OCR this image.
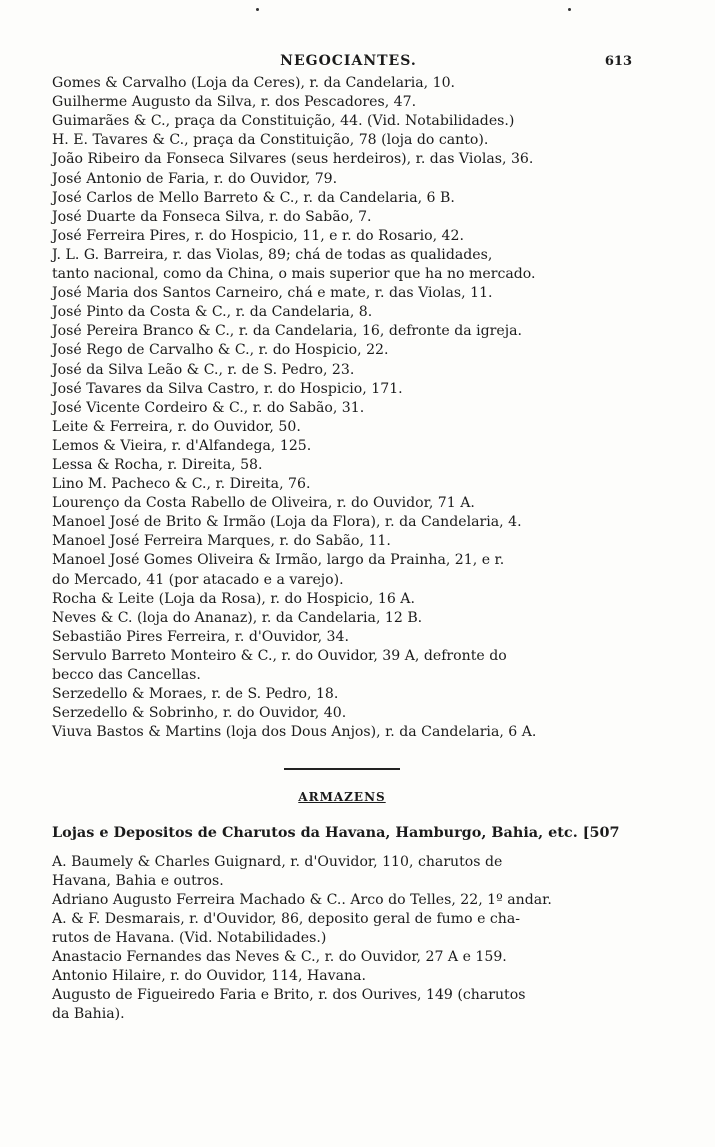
NEGOCIANTES.	613

Gomes & Carvalho (Loja da Ceres), r. da Candelaria, 10.

Guilherme Augusto da Silva, r. dos Pescadores, 47.

Guimarães & C., praça da Constituição, 44. (Vid. Notabilidades.)

H. E. Tavares & C., praça da Constituição, 78 (loja do canto).

João Ribeiro da Fonseca Silvares (seus herdeiros), r. das Violas, 36.

José Antonio de Faria, r. do Ouvidor, 79.

José Carlos de Mello Barreto & C., r. da Candelaria, 6 B.

José Duarte da Fonseca Silva, r. do Sabão, 7.

José Ferreira Pires, r. do Hospicio, 11, e r. do Rosario, 42.

J. L. G. Barreira, r. das Violas, 89; chá de todas as qualidades,
tanto nacional, como da China, o mais superior que ha no mercado.

José Maria dos Santos Carneiro, chá e mate, r. das Violas, 11.

José Pinto da Costa & C., r. da Candelaria, 8.

José Pereira Branco & C., r. da Candelaria, 16, defronte da igreja.

José Rego de Carvalho & C., r. do Hospicio, 22.

José da Silva Leão & C., r. de S. Pedro, 23.

José Tavares da Silva Castro, r. do Hospicio, 171.

José Vicente Cordeiro & C., r. do Sabão, 31.

Leite & Ferreira, r. do Ouvidor, 50.

Lemos & Vieira, r. d'Alfandega, 125.

Lessa & Rocha, r. Direita, 58.

Lino M. Pacheco & C., r. Direita, 76.

Lourenço da Costa Rabello de Oliveira, r. do Ouvidor, 71 A.

Manoel José de Brito & Irmão (Loja da Flora), r. da Candelaria, 4.

Manoel José Ferreira Marques, r. do Sabão, 11.

Manoel José Gomes Oliveira & Irmão, largo da Prainha, 21, e r.
do Mercado, 41 (por atacado e a varejo).

Rocha & Leite (Loja da Rosa), r. do Hospicio, 16 A.

Neves & C. (loja do Ananaz), r. da Candelaria, 12 B.

Sebastião Pires Ferreira, r. d'Ouvidor, 34.

Servulo Barreto Monteiro & C., r. do Ouvidor, 39 A, defronte do
becco das Cancellas.

Serzedello & Moraes, r. de S. Pedro, 18.

Serzedello & Sobrinho, r. do Ouvidor, 40.

Viuva Bastos & Martins (loja dos Dous Anjos), r. da Candelaria, 6 A.

ARMAZENS
Lojas e Depositos de Charutos da Havana, Hamburgo, Bahia, etc. [507

A. Baumely & Charles Guignard, r. d'Ouvidor, 110, charutos de
Havana, Bahia e outros.

Adriano Augusto Ferreira Machado & C.. Arco do Telles, 22, 1º andar.

A. & F. Desmarais, r. d'Ouvidor, 86, deposito geral de fumo e cha-
rutos de Havana. (Vid. Notabilidades.)

Anastacio Fernandes das Neves & C., r. do Ouvidor, 27 A e 159.

Antonio Hilaire, r. do Ouvidor, 114, Havana.

Augusto de Figueiredo Faria e Brito, r. dos Ourives, 149 (charutos
da Bahia).
